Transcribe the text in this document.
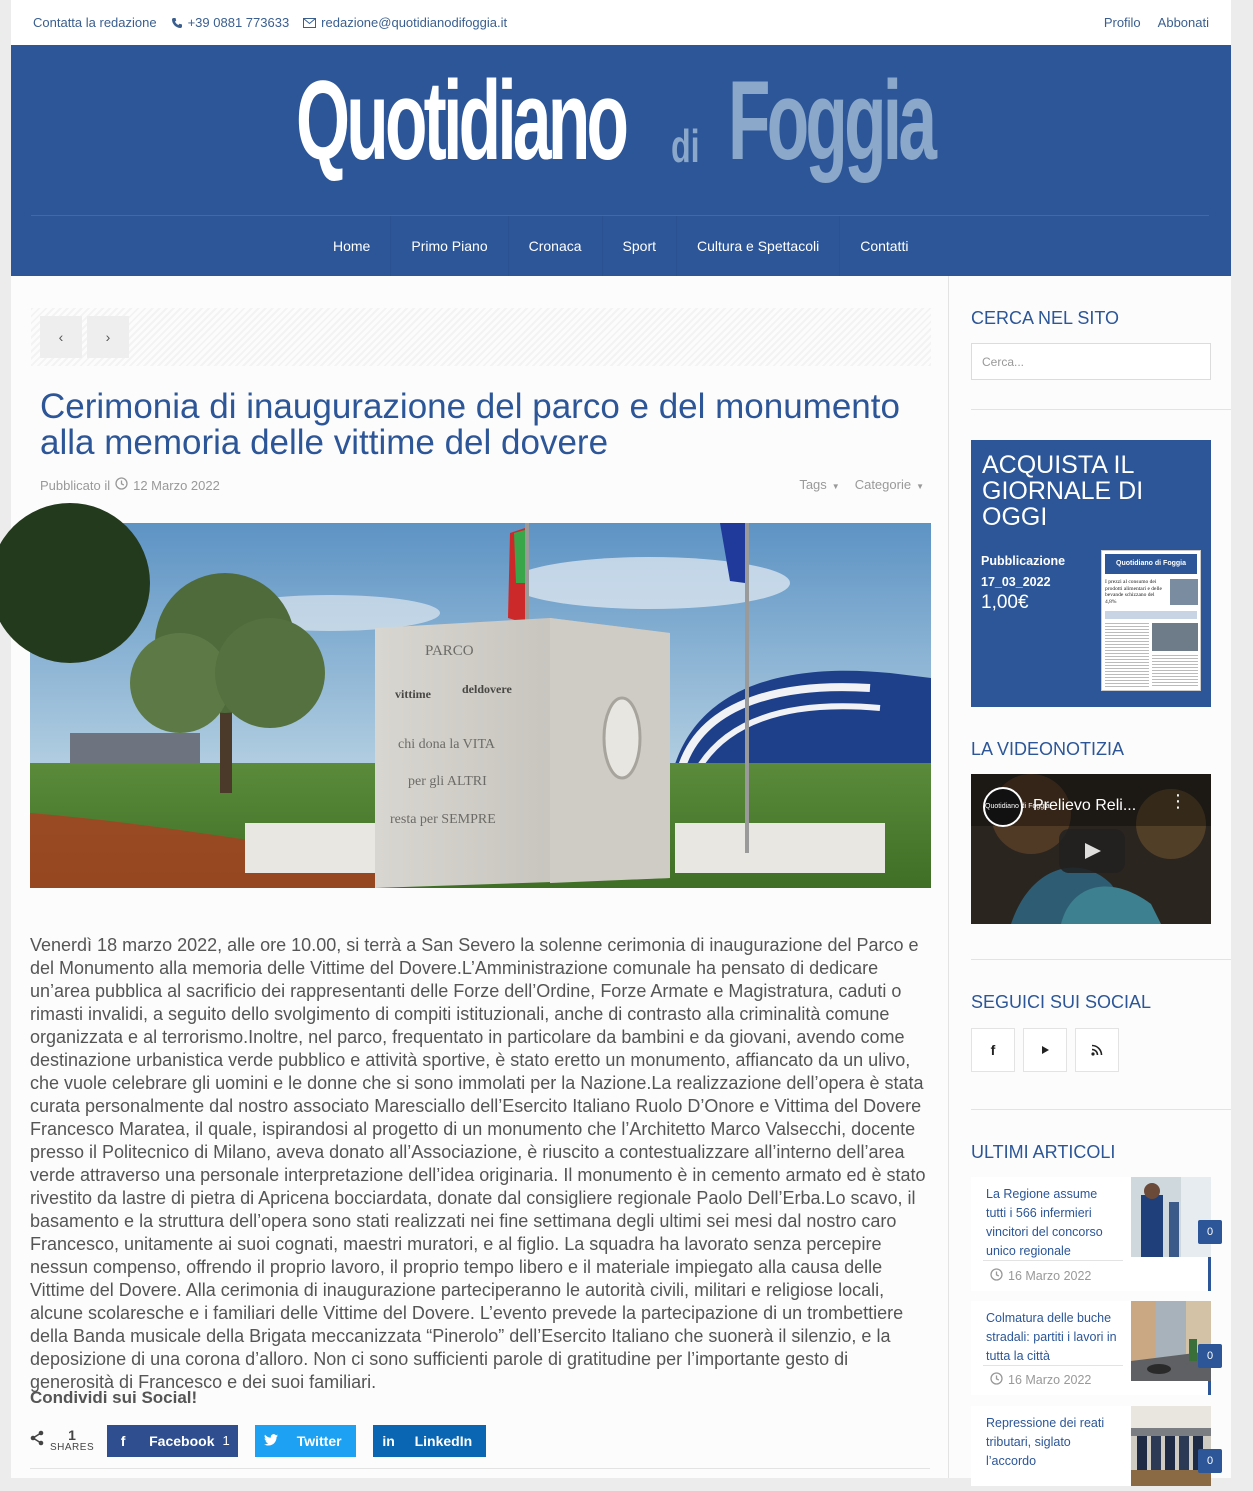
Contatta la redazione +39 0881 773633 redazione@quotidianodifoggia.it	Profilo Abbonati
Quotidiano di Foggia
Home	Primo Piano	Cronaca	Sport	Cultura e Spettacoli	Contatti
‹	›
Cerimonia di inaugurazione del parco e del monumento alla memoria delle vittime del dovere
Pubblicato il 12 Marzo 2022	Tags ▼ Categorie ▼
PARCO
vittime	deldovere
chi dona la VITA
per gli ALTRI
resta per SEMPRE
Venerdì 18 marzo 2022, alle ore 10.00, si terrà a San Severo la solenne cerimonia di inaugurazione del Parco e del Monumento alla memoria delle Vittime del Dovere.L’Amministrazione comunale ha pensato di dedicare un’area pubblica al sacrificio dei rappresentanti delle Forze dell’Ordine, Forze Armate e Magistratura, caduti o rimasti invalidi, a seguito dello svolgimento di compiti istituzionali, anche di contrasto alla criminalità comune organizzata e al terrorismo.Inoltre, nel parco, frequentato in particolare da bambini e da giovani, avendo come destinazione urbanistica verde pubblico e attività sportive, è stato eretto un monumento, affiancato da un ulivo, che vuole celebrare gli uomini e le donne che si sono immolati per la Nazione.La realizzazione dell’opera è stata curata personalmente dal nostro associato Maresciallo dell’Esercito Italiano Ruolo D’Onore e Vittima del Dovere Francesco Maratea, il quale, ispirandosi al progetto di un monumento che l’Architetto Marco Valsecchi, docente presso il Politecnico di Milano, aveva donato all’Associazione, è riuscito a contestualizzare all’interno dell’area verde attraverso una personale interpretazione dell’idea originaria. Il monumento è in cemento armato ed è stato rivestito da lastre di pietra di Apricena bocciardata, donate dal consigliere regionale Paolo Dell’Erba.Lo scavo, il basamento e la struttura dell’opera sono stati realizzati nei fine settimana degli ultimi sei mesi dal nostro caro Francesco, unitamente ai suoi cognati, maestri muratori, e al figlio. La squadra ha lavorato senza percepire nessun compenso, offrendo il proprio lavoro, il proprio tempo libero e il materiale impiegato alla causa delle Vittime del Dovere. Alla cerimonia di inaugurazione parteciperanno le autorità civili, militari e religiose locali, alcune scolaresche e i familiari delle Vittime del Dovere. L’evento prevede la partecipazione di un trombettiere della Banda musicale della Brigata meccanizzata “Pinerolo” dell’Esercito Italiano che suonerà il silenzio, e la deposizione di una corona d’alloro. Non ci sono sufficienti parole di gratitudine per l’importante gesto di generosità di Francesco e dei suoi familiari.
Condividi sui Social!
1
SHARES	f	Facebook 1	Twitter	in	LinkedIn
CERCA NEL SITO
Cerca...
ACQUISTA IL GIORNALE DI OGGI
Pubblicazione
17_03_2022
1,00€
Quotidiano di Foggia
I prezzi al consumo dei prodotti alimentari e delle bevande schizzano del 4,8%
LA VIDEONOTIZIA
Quotidiano di Foggia
Prelievo Reli... ⋮
SEGUICI SUI SOCIAL
f
ULTIMI ARTICOLI
La Regione assume tutti i 566 infermieri vincitori del concorso unico regionale
16 Marzo 2022
0
Colmatura delle buche stradali: partiti i lavori in tutta la città
16 Marzo 2022
0
Repressione dei reati tributari, siglato l’accordo	0
